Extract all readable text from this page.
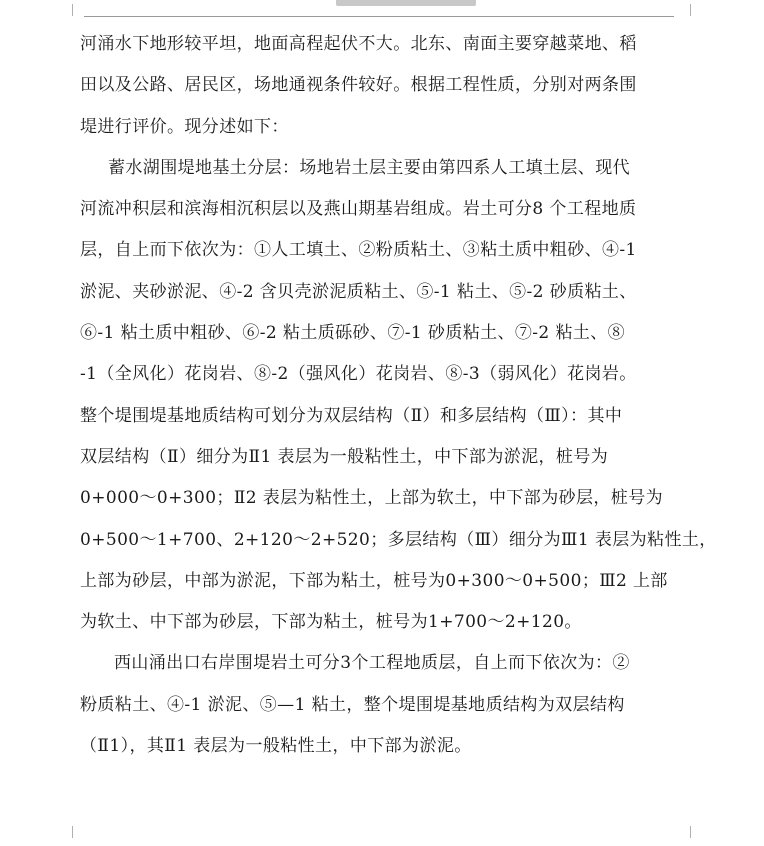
河涌水下地形较平坦，地面高程起伏不大。北东、南面主要穿越菜地、稻
田以及公路、居民区，场地通视条件较好。根据工程性质，分别对两条围
堤进行评价。现分述如下：
蓄水湖围堤地基土分层：场地岩土层主要由第四系人工填土层、现代
河流冲积层和滨海相沉积层以及燕山期基岩组成。岩土可分8 个工程地质
层，自上而下依次为：①人工填土、②粉质粘土、③粘土质中粗砂、④-1
淤泥、夹砂淤泥、④-2 含贝壳淤泥质粘土、⑤-1 粘土、⑤-2 砂质粘土、
⑥-1 粘土质中粗砂、⑥-2 粘土质砾砂、⑦-1 砂质粘土、⑦-2 粘土、⑧
-1（全风化）花岗岩、⑧-2（强风化）花岗岩、⑧-3（弱风化）花岗岩。
整个堤围堤基地质结构可划分为双层结构（Ⅱ）和多层结构（Ⅲ）：其中
双层结构（Ⅱ）细分为Ⅱ1 表层为一般粘性土，中下部为淤泥，桩号为
0+000～0+300；Ⅱ2 表层为粘性土，上部为软土，中下部为砂层，桩号为
0+500～1+700、2+120～2+520；多层结构（Ⅲ）细分为Ⅲ1 表层为粘性土，
上部为砂层，中部为淤泥，下部为粘土，桩号为0+300～0+500；Ⅲ2 上部
为软土、中下部为砂层，下部为粘土，桩号为1+700～2+120。
西山涌出口右岸围堤岩土可分3个工程地质层，自上而下依次为：②
粉质粘土、④-1 淤泥、⑤—1 粘土，整个堤围堤基地质结构为双层结构
（Ⅱ1），其Ⅱ1 表层为一般粘性土，中下部为淤泥。
